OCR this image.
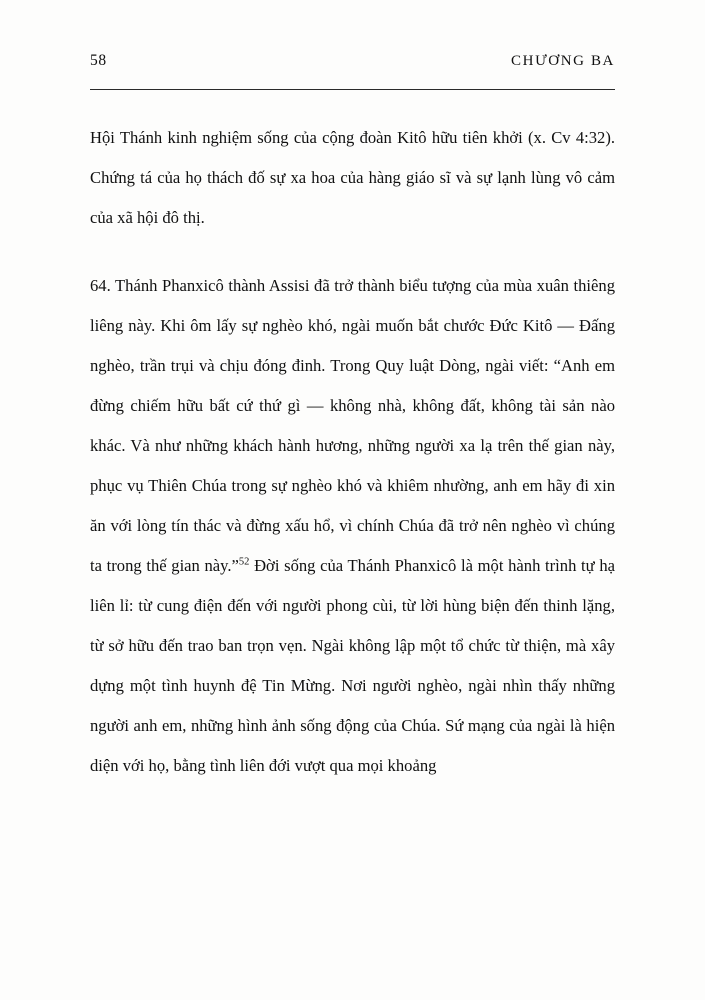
58	CHƯƠNG BA

Hội Thánh kinh nghiệm sống của cộng đoàn Kitô hữu tiên khởi (x. Cv 4:32). Chứng tá của họ thách đố sự xa hoa của hàng giáo sĩ và sự lạnh lùng vô cảm của xã hội đô thị.

64. Thánh Phanxicô thành Assisi đã trở thành biểu tượng của mùa xuân thiêng liêng này. Khi ôm lấy sự nghèo khó, ngài muốn bắt chước Đức Kitô — Đấng nghèo, trần trụi và chịu đóng đinh. Trong Quy luật Dòng, ngài viết: “Anh em đừng chiếm hữu bất cứ thứ gì — không nhà, không đất, không tài sản nào khác. Và như những khách hành hương, những người xa lạ trên thế gian này, phục vụ Thiên Chúa trong sự nghèo khó và khiêm nhường, anh em hãy đi xin ăn với lòng tín thác và đừng xấu hổ, vì chính Chúa đã trở nên nghèo vì chúng ta trong thế gian này.”$^{52}$ Đời sống của Thánh Phanxicô là một hành trình tự hạ liên lỉ: từ cung điện đến với người phong cùi, từ lời hùng biện đến thinh lặng, từ sở hữu đến trao ban trọn vẹn. Ngài không lập một tổ chức từ thiện, mà xây dựng một tình huynh đệ Tin Mừng. Nơi người nghèo, ngài nhìn thấy những người anh em, những hình ảnh sống động của Chúa. Sứ mạng của ngài là hiện diện với họ, bằng tình liên đới vượt qua mọi khoảng
